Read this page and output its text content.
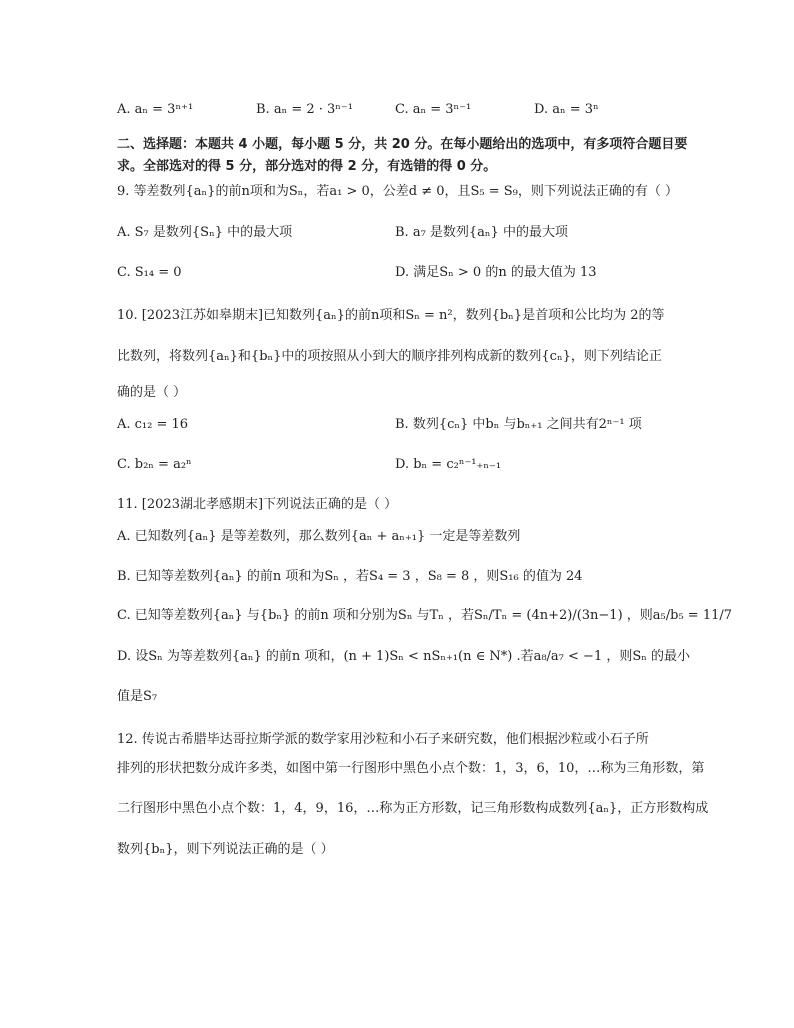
A. aₙ = 3ⁿ⁺¹	B. aₙ = 2 · 3ⁿ⁻¹	C. aₙ = 3ⁿ⁻¹	D. aₙ = 3ⁿ
二、选择题：本题共 4 小题，每小题 5 分，共 20 分。在每小题给出的选项中，有多项符合题目要
求。全部选对的得 5 分，部分选对的得 2 分，有选错的得 0 分。
9. 等差数列{aₙ}的前n项和为Sₙ，若a₁ > 0，公差d ≠ 0，且S₅ = S₉，则下列说法正确的有（ ）
A. S₇ 是数列{Sₙ} 中的最大项	B. a₇ 是数列{aₙ} 中的最大项
C. S₁₄ = 0	D. 满足Sₙ > 0 的n 的最大值为 13
10. [2023江苏如皋期末]已知数列{aₙ}的前n项和Sₙ = n²，数列{bₙ}是首项和公比均为 2的等
比数列，将数列{aₙ}和{bₙ}中的项按照从小到大的顺序排列构成新的数列{cₙ}，则下列结论正
确的是（ ）
A. c₁₂ = 16	B. 数列{cₙ} 中bₙ 与bₙ₊₁ 之间共有2ⁿ⁻¹ 项
C. b₂ₙ = a₂ⁿ	D. bₙ = c₂ⁿ⁻¹₊ₙ₋₁
11. [2023湖北孝感期末]下列说法正确的是（ ）
A. 已知数列{aₙ} 是等差数列，那么数列{aₙ + aₙ₊₁} 一定是等差数列
B. 已知等差数列{aₙ} 的前n 项和为Sₙ ，若S₄ = 3 ，S₈ = 8 ，则S₁₆ 的值为 24
C. 已知等差数列{aₙ} 与{bₙ} 的前n 项和分别为Sₙ 与Tₙ ，若Sₙ/Tₙ = (4n+2)/(3n−1) ，则a₅/b₅ = 11/7
D. 设Sₙ 为等差数列{aₙ} 的前n 项和，(n + 1)Sₙ < nSₙ₊₁(n ∈ N*) .若a₈/a₇ < −1 ，则Sₙ 的最小
值是S₇
12. 传说古希腊毕达哥拉斯学派的数学家用沙粒和小石子来研究数，他们根据沙粒或小石子所
排列的形状把数分成许多类，如图中第一行图形中黑色小点个数：1，3，6，10，…称为三角形数，第
二行图形中黑色小点个数：1，4，9，16，…称为正方形数，记三角形数构成数列{aₙ}，正方形数构成
数列{bₙ}，则下列说法正确的是（ ）
